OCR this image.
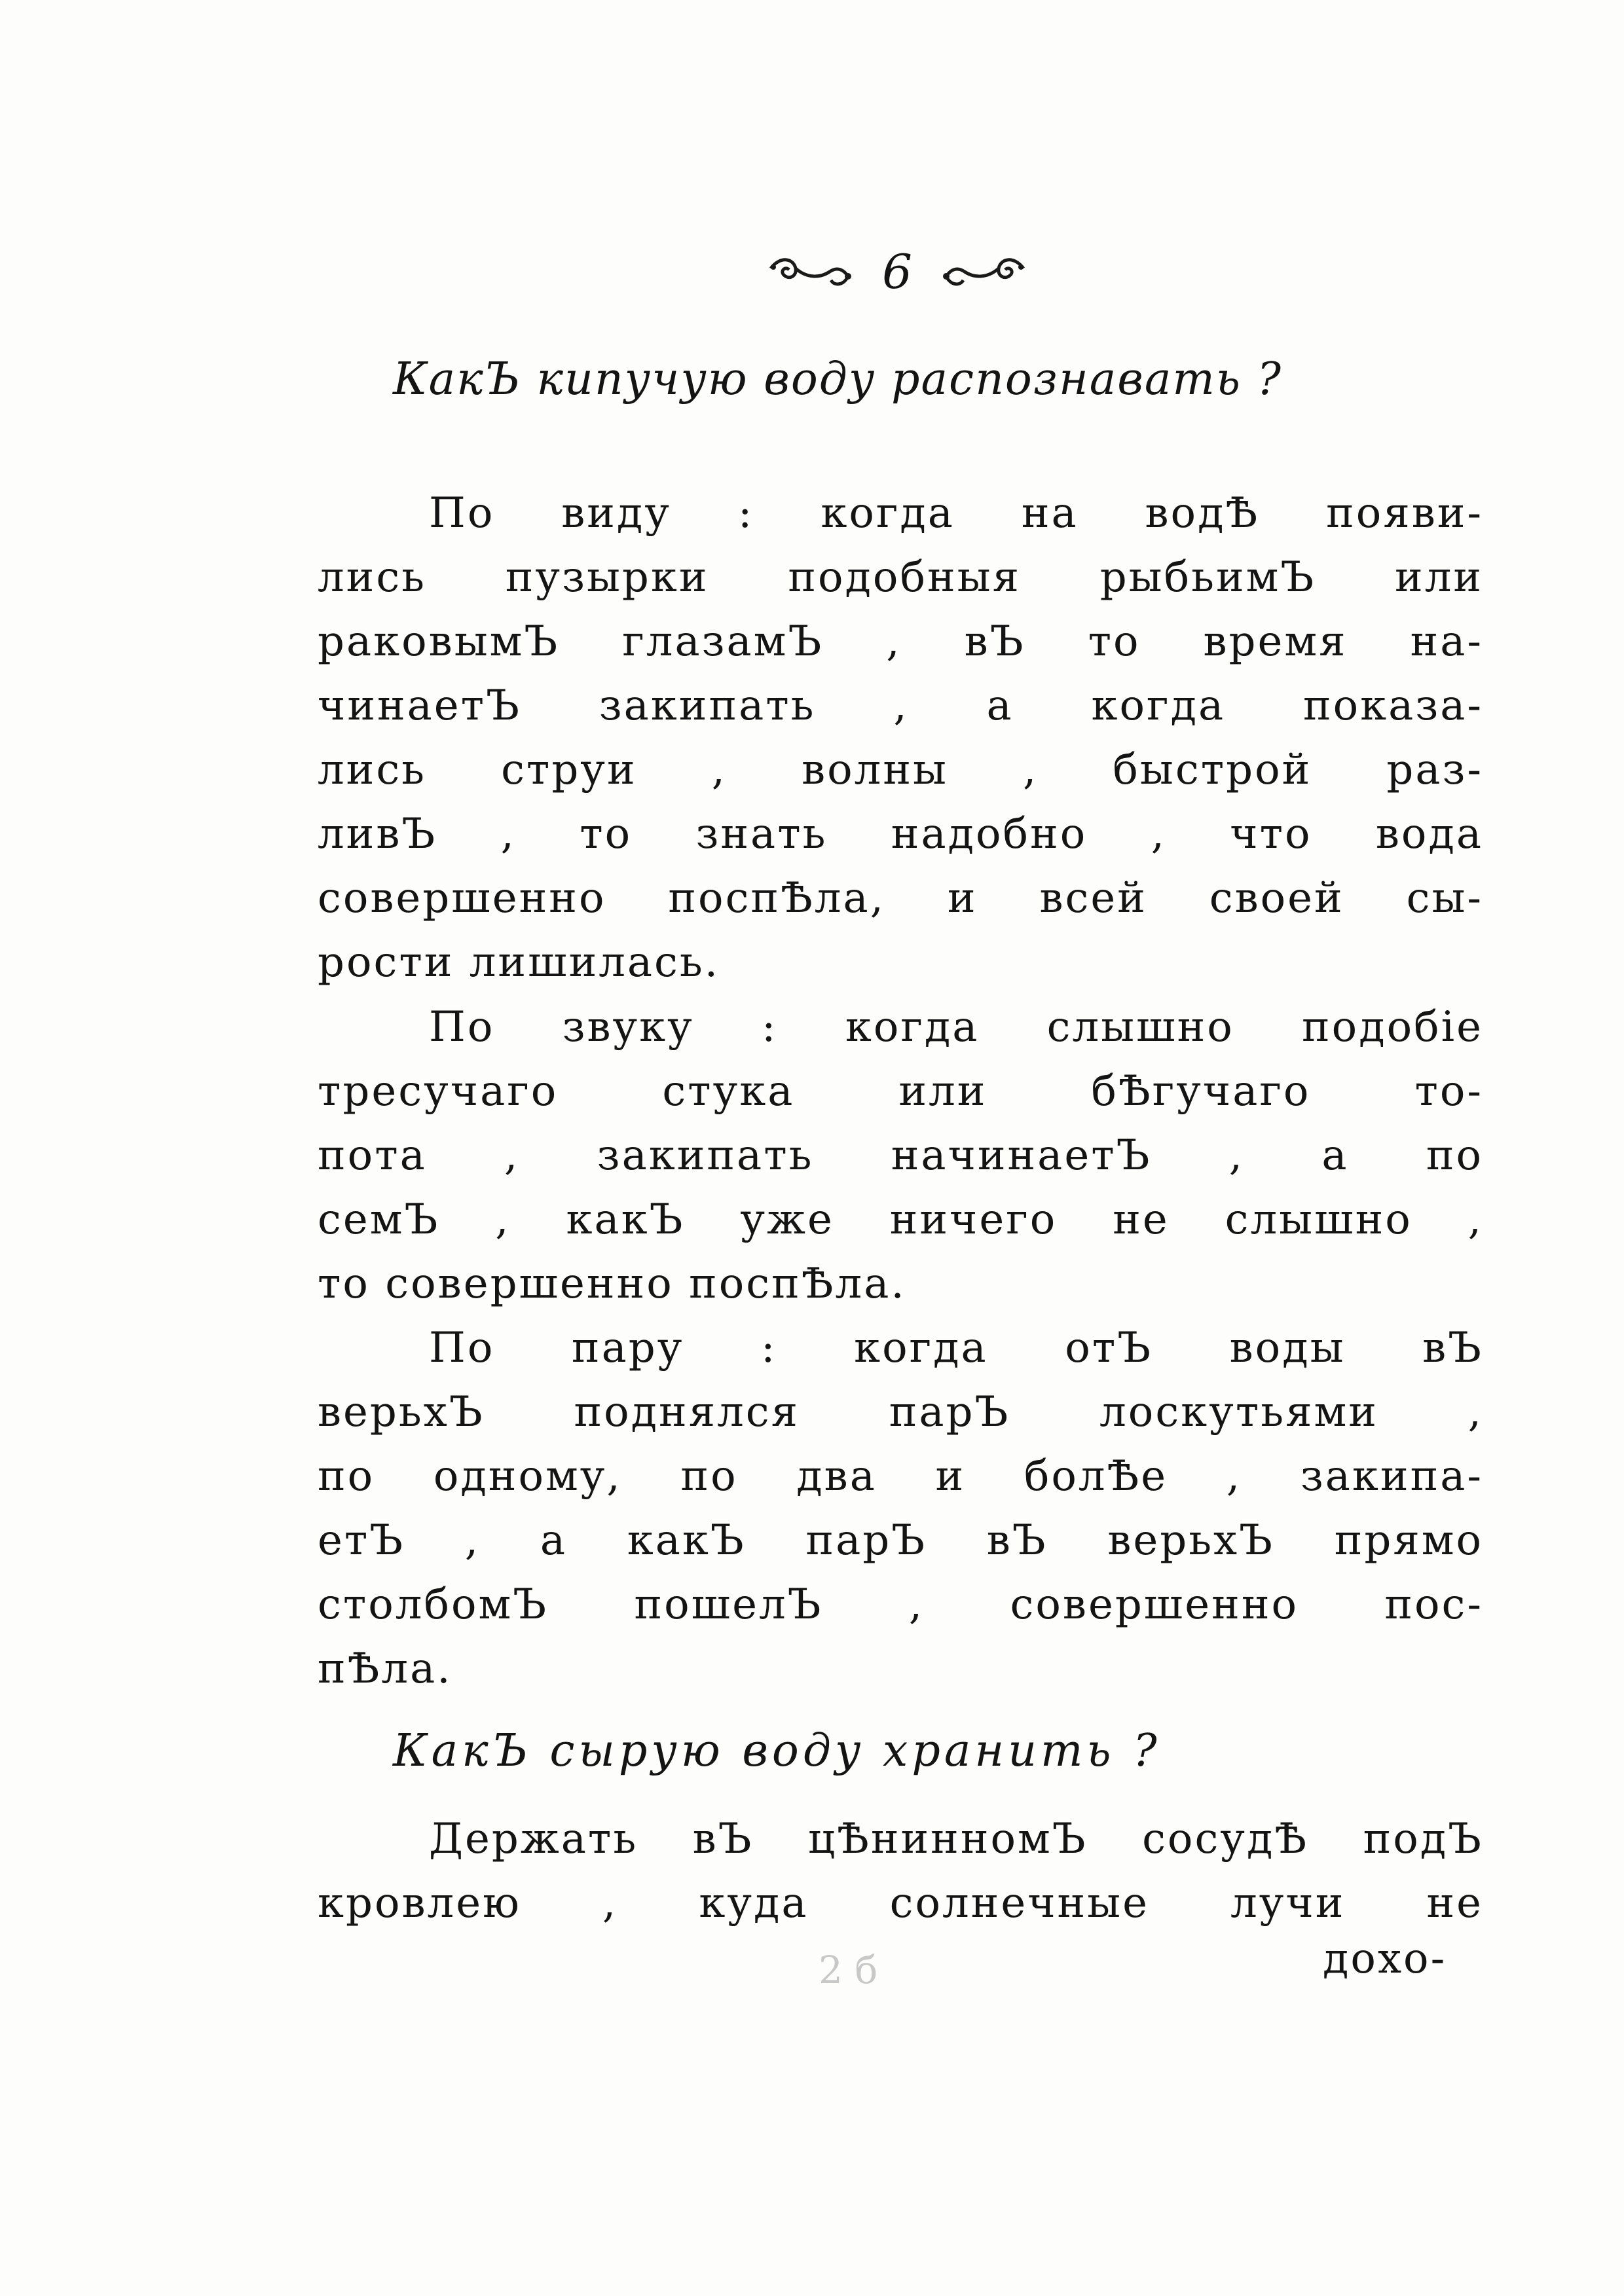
6
КакЪ кипучую воду распознавать ?
По виду : когда на водѢ появи-
лись пузырки подобныя рыбьимЪ или
раковымЪ глазамЪ , вЪ то время на-
чинаетЪ закипать , а когда показа-
лись струи , волны , быстрой раз-
ливЪ , то знать надобно , что вода
совершенно поспѢла, и всей своей сы-
рости лишилась.
По звуку : когда слышно подобіе
тресучаго стука или бѢгучаго то-
пота , закипать начинаетЪ , а по
семЪ , какЪ уже ничего не слышно ,
то совершенно поспѢла.
По пару : когда отЪ воды вЪ
верьхЪ поднялся парЪ лоскутьями ,
по одному, по два и болѢе , закипа-
етЪ , а какЪ парЪ вЪ верьхЪ прямо
столбомЪ пошелЪ , совершенно пос-
пѢла.
КакЪ сырую воду хранить ?
Держать вЪ цѢнинномЪ сосудѢ подЪ
кровлею , куда солнечные лучи не
2 б	дохо-
